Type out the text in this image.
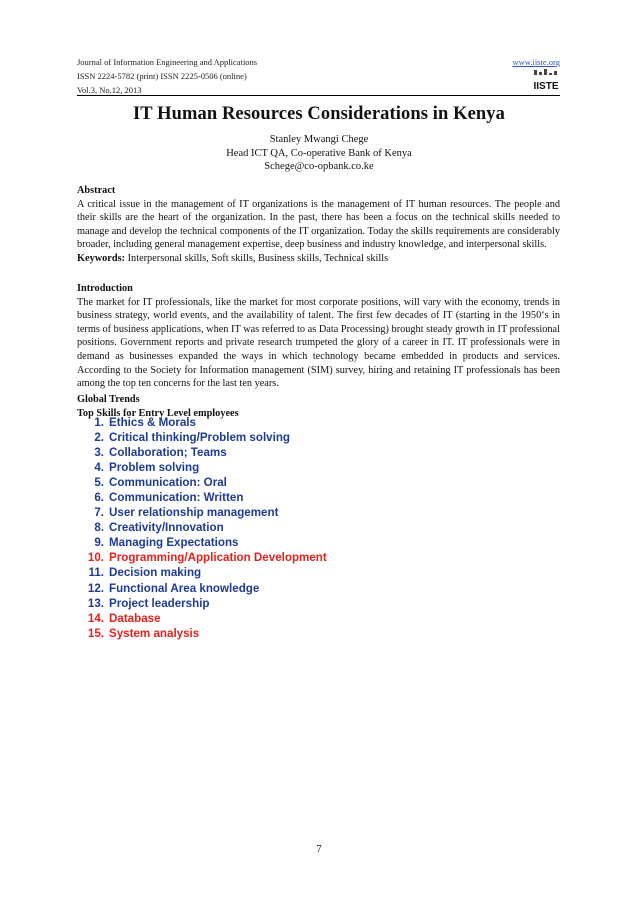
Journal of Information Engineering and Applications
ISSN 2224-5782 (print) ISSN 2225-0506 (online)
Vol.3, No.12, 2013
www.iiste.org
IISTE
IT Human Resources Considerations in Kenya
Stanley Mwangi Chege
Head ICT QA, Co-operative Bank of Kenya
Schege@co-opbank.co.ke
Abstract
A critical issue in the management of IT organizations is the management of IT human resources. The people and their skills are the heart of the organization. In the past, there has been a focus on the technical skills needed to manage and develop the technical components of the IT organization. Today the skills requirements are considerably broader, including general management expertise, deep business and industry knowledge, and interpersonal skills.
Keywords: Interpersonal skills, Soft skills, Business skills, Technical skills
Introduction
The market for IT professionals, like the market for most corporate positions, will vary with the economy, trends in business strategy, world events, and the availability of talent. The first few decades of IT (starting in the 1950‘s in terms of business applications, when IT was referred to as Data Processing) brought steady growth in IT professional positions. Government reports and private research trumpeted the glory of a career in IT. IT professionals were in demand as businesses expanded the ways in which technology became embedded in products and services. According to the Society for Information management (SIM) survey, hiring and retaining IT professionals has been among the top ten concerns for the last ten years.
Global Trends
Top Skills for Entry Level employees
1. Ethics & Morals
2. Critical thinking/Problem solving
3. Collaboration; Teams
4. Problem solving
5. Communication: Oral
6. Communication: Written
7. User relationship management
8. Creativity/Innovation
9. Managing Expectations
10. Programming/Application Development
11. Decision making
12. Functional Area knowledge
13. Project leadership
14. Database
15. System analysis
7
